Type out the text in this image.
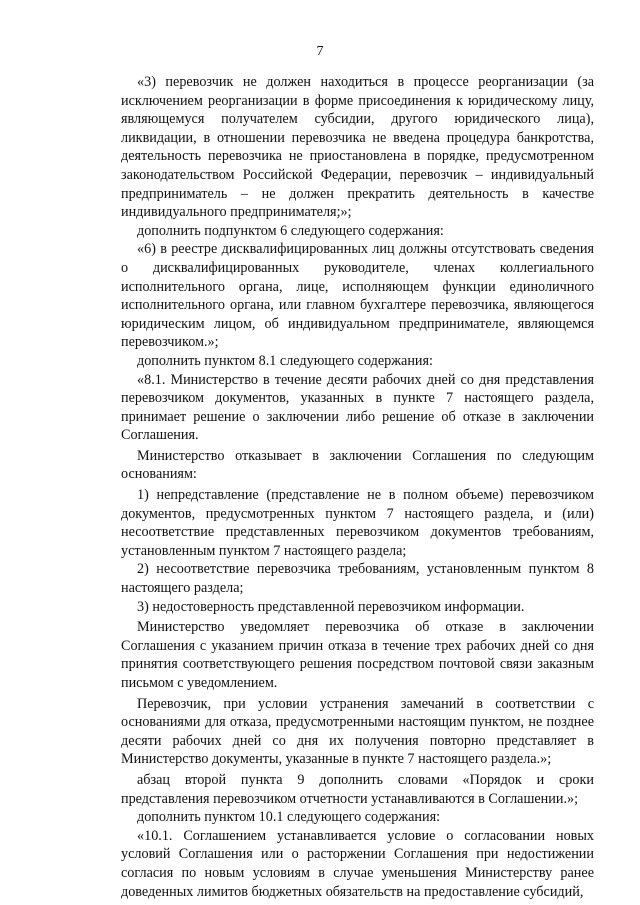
7

«3) перевозчик не должен находиться в процессе реорганизации (за исключением реорганизации в форме присоединения к юридическому лицу, являющемуся получателем субсидии, другого юридического лица), ликвидации, в отношении перевозчика не введена процедура банкротства, деятельность перевозчика не приостановлена в порядке, предусмотренном законодательством Российской Федерации, перевозчик – индивидуальный предприниматель – не должен прекратить деятельность в качестве индивидуального предпринимателя;»;

дополнить подпунктом 6 следующего содержания:

«6) в реестре дисквалифицированных лиц должны отсутствовать сведения о дисквалифицированных руководителе, членах коллегиального исполнительного органа, лице, исполняющем функции единоличного исполнительного органа, или главном бухгалтере перевозчика, являющегося юридическим лицом, об индивидуальном предпринимателе, являющемся перевозчиком.»;

дополнить пунктом 8.1 следующего содержания:

«8.1. Министерство в течение десяти рабочих дней со дня представления перевозчиком документов, указанных в пункте 7 настоящего раздела, принимает решение о заключении либо решение об отказе в заключении Соглашения.

Министерство отказывает в заключении Соглашения по следующим основаниям:

1) непредставление (представление не в полном объеме) перевозчиком документов, предусмотренных пунктом 7 настоящего раздела, и (или) несоответствие представленных перевозчиком документов требованиям, установленным пунктом 7 настоящего раздела;

2) несоответствие перевозчика требованиям, установленным пунктом 8 настоящего раздела;

3) недостоверность представленной перевозчиком информации.

Министерство уведомляет перевозчика об отказе в заключении Соглашения с указанием причин отказа в течение трех рабочих дней со дня принятия соответствующего решения посредством почтовой связи заказным письмом с уведомлением.

Перевозчик, при условии устранения замечаний в соответствии с основаниями для отказа, предусмотренными настоящим пунктом, не позднее десяти рабочих дней со дня их получения повторно представляет в Министерство документы, указанные в пункте 7 настоящего раздела.»;

абзац второй пункта 9 дополнить словами «Порядок и сроки представления перевозчиком отчетности устанавливаются в Соглашении.»;

дополнить пунктом 10.1 следующего содержания:

«10.1. Соглашением устанавливается условие о согласовании новых условий Соглашения или о расторжении Соглашения при недостижении согласия по новым условиям в случае уменьшения Министерству ранее доведенных лимитов бюджетных обязательств на предоставление субсидий,
